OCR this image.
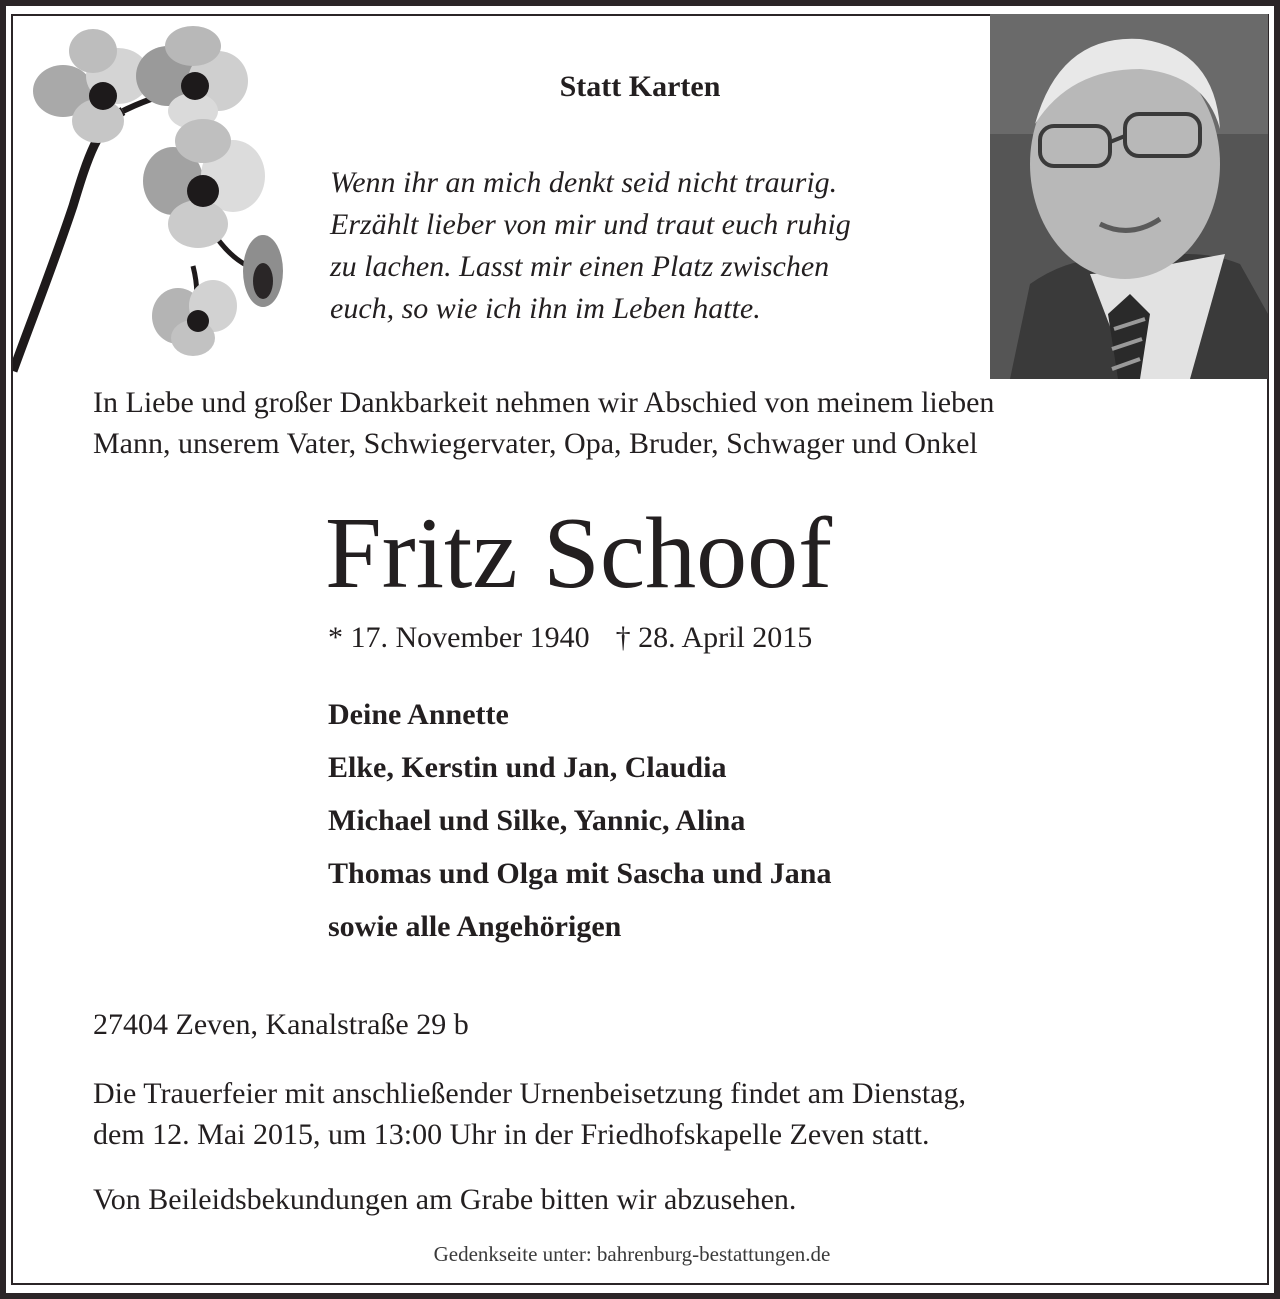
Statt Karten
Wenn ihr an mich denkt seid nicht traurig.
Erzählt lieber von mir und traut euch ruhig
zu lachen. Lasst mir einen Platz zwischen
euch, so wie ich ihn im Leben hatte.
In Liebe und großer Dankbarkeit nehmen wir Abschied von meinem lieben
Mann, unserem Vater, Schwiegervater, Opa, Bruder, Schwager und Onkel
Fritz Schoof
* 17. November 1940 † 28. April 2015
Deine Annette
Elke, Kerstin und Jan, Claudia
Michael und Silke, Yannic, Alina
Thomas und Olga mit Sascha und Jana
sowie alle Angehörigen
27404 Zeven, Kanalstraße 29 b
Die Trauerfeier mit anschließender Urnenbeisetzung findet am Dienstag,
dem 12. Mai 2015, um 13:00 Uhr in der Friedhofskapelle Zeven statt.
Von Beileidsbekundungen am Grabe bitten wir abzusehen.
Gedenkseite unter: bahrenburg-bestattungen.de
